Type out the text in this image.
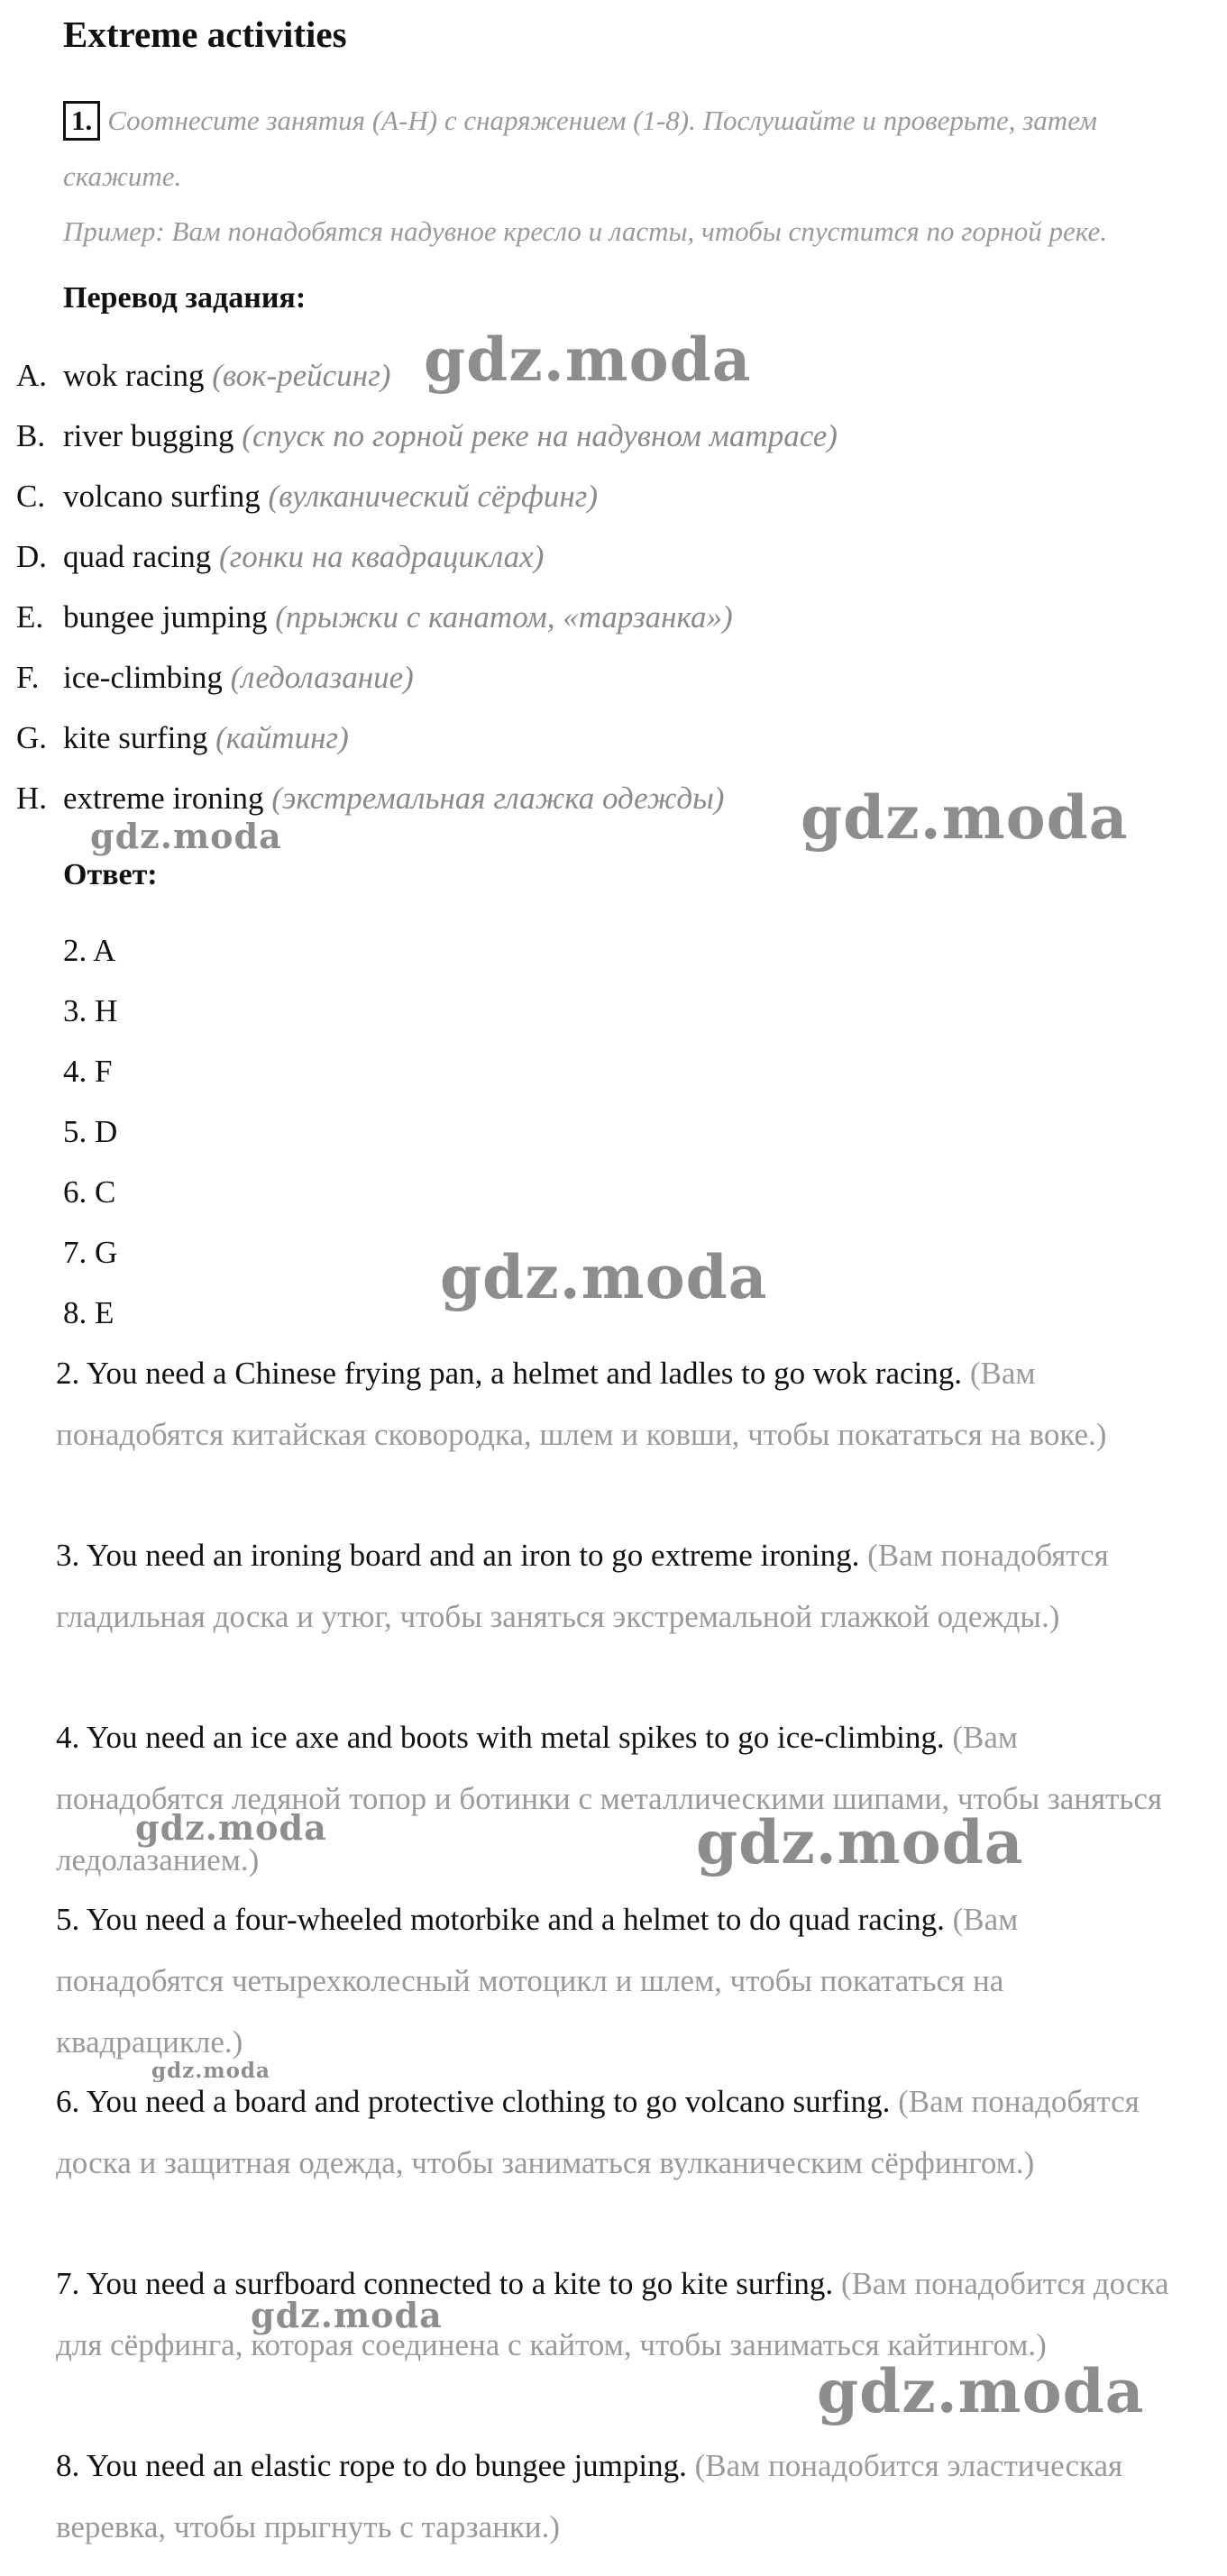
Extreme activities
1. Соотнесите занятия (A-H) с снаряжением (1-8). Послушайте и проверьте, затем
скажите.
Пример: Вам понадобятся надувное кресло и ласты, чтобы спустится по горной реке.
Перевод задания:
A. wok racing (вок-рейсинг)
B. river bugging (спуск по горной реке на надувном матрасе)
C. volcano surfing (вулканический сёрфинг)
D. quad racing (гонки на квадрациклах)
E. bungee jumping (прыжки с канатом, «тарзанка»)
F. ice-climbing (ледолазание)
G. kite surfing (кайтинг)
H. extreme ironing (экстремальная глажка одежды)
Ответ:
2. A
3. H
4. F
5. D
6. C
7. G
8. E
2. You need a Chinese frying pan, a helmet and ladles to go wok racing. (Вам понадобятся китайская сковородка, шлем и ковши, чтобы покататься на воке.)
3. You need an ironing board and an iron to go extreme ironing. (Вам понадобятся гладильная доска и утюг, чтобы заняться экстремальной глажкой одежды.)
4. You need an ice axe and boots with metal spikes to go ice-climbing. (Вам понадобятся ледяной топор и ботинки с металлическими шипами, чтобы заняться ледолазанием.)
5. You need a four-wheeled motorbike and a helmet to do quad racing. (Вам понадобятся четырехколесный мотоцикл и шлем, чтобы покататься на квадрацикле.)
6. You need a board and protective clothing to go volcano surfing. (Вам понадобятся доска и защитная одежда, чтобы заниматься вулканическим сёрфингом.)
7. You need a surfboard connected to a kite to go kite surfing. (Вам понадобится доска для сёрфинга, которая соединена с кайтом, чтобы заниматься кайтингом.)
8. You need an elastic rope to do bungee jumping. (Вам понадобится эластическая веревка, чтобы прыгнуть с тарзанки.)
gdz.moda
gdz.moda
gdz.moda
gdz.moda
gdz.moda	gdz.moda
gdz.moda
gdz.moda
gdz.moda
